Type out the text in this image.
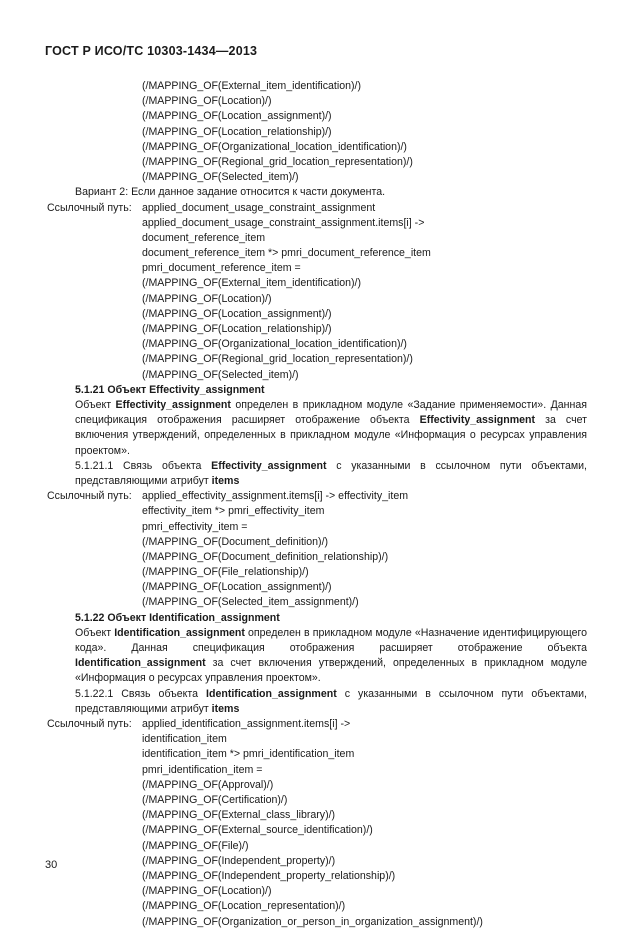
ГОСТ Р ИСО/ТС 10303-1434—2013
(/MAPPING_OF(External_item_identification)/)
(/MAPPING_OF(Location)/)
(/MAPPING_OF(Location_assignment)/)
(/MAPPING_OF(Location_relationship)/)
(/MAPPING_OF(Organizational_location_identification)/)
(/MAPPING_OF(Regional_grid_location_representation)/)
(/MAPPING_OF(Selected_item)/)
Вариант 2: Если данное задание относится к части документа.
Ссылочный путь: applied_document_usage_constraint_assignment
applied_document_usage_constraint_assignment.items[i] ->
document_reference_item
document_reference_item *> pmri_document_reference_item
pmri_document_reference_item =
(/MAPPING_OF(External_item_identification)/)
(/MAPPING_OF(Location)/)
(/MAPPING_OF(Location_assignment)/)
(/MAPPING_OF(Location_relationship)/)
(/MAPPING_OF(Organizational_location_identification)/)
(/MAPPING_OF(Regional_grid_location_representation)/)
(/MAPPING_OF(Selected_item)/)
5.1.21 Объект Effectivity_assignment
Объект Effectivity_assignment определен в прикладном модуле «Задание применяемости». Данная спецификация отображения расширяет отображение объекта Effectivity_assignment за счет включения утверждений, определенных в прикладном модуле «Информация о ресурсах управления проектом».
5.1.21.1 Связь объекта Effectivity_assignment с указанными в ссылочном пути объектами, представляющими атрибут items
Ссылочный путь: applied_effectivity_assignment.items[i] -> effectivity_item
effectivity_item *> pmri_effectivity_item
pmri_effectivity_item =
(/MAPPING_OF(Document_definition)/)
(/MAPPING_OF(Document_definition_relationship)/)
(/MAPPING_OF(File_relationship)/)
(/MAPPING_OF(Location_assignment)/)
(/MAPPING_OF(Selected_item_assignment)/)
5.1.22 Объект Identification_assignment
Объект Identification_assignment определен в прикладном модуле «Назначение идентифицирующего кода». Данная спецификация отображения расширяет отображение объекта Identification_assignment за счет включения утверждений, определенных в прикладном модуле «Информация о ресурсах управления проектом».
5.1.22.1 Связь объекта Identification_assignment с указанными в ссылочном пути объектами, представляющими атрибут items
Ссылочный путь: applied_identification_assignment.items[i] ->
identification_item
identification_item *> pmri_identification_item
pmri_identification_item =
(/MAPPING_OF(Approval)/)
(/MAPPING_OF(Certification)/)
(/MAPPING_OF(External_class_library)/)
(/MAPPING_OF(External_source_identification)/)
(/MAPPING_OF(File)/)
(/MAPPING_OF(Independent_property)/)
(/MAPPING_OF(Independent_property_relationship)/)
(/MAPPING_OF(Location)/)
(/MAPPING_OF(Location_representation)/)
(/MAPPING_OF(Organization_or_person_in_organization_assignment)/)
30
